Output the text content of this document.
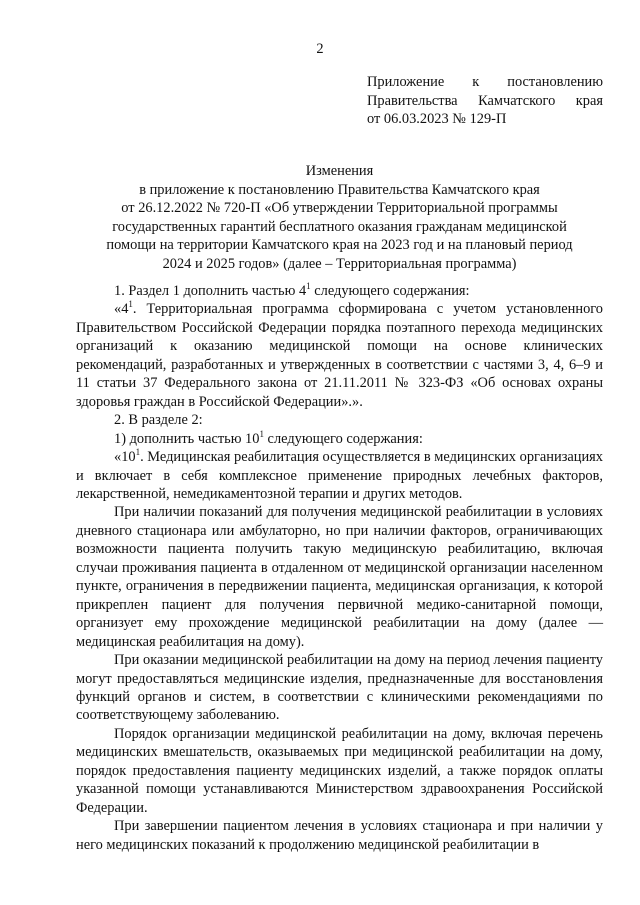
2
Приложение к постановлению
Правительства Камчатского края
от 06.03.2023 № 129-П
Изменения
в приложение к постановлению Правительства Камчатского края
от 26.12.2022 № 720-П «Об утверждении Территориальной программы
государственных гарантий бесплатного оказания гражданам медицинской
помощи на территории Камчатского края на 2023 год и на плановый период
2024 и 2025 годов» (далее – Территориальная программа)

1. Раздел 1 дополнить частью $4^1$ следующего содержания:

«$4^1$. Территориальная программа сформирована с учетом установленного Правительством Российской Федерации порядка поэтапного перехода медицинских организаций к оказанию медицинской помощи на основе клинических рекомендаций, разработанных и утвержденных в соответствии с частями 3, 4, 6–9 и 11 статьи 37 Федерального закона от 21.11.2011 № 323-ФЗ «Об основах охраны здоровья граждан в Российской Федерации».».

2. В разделе 2:

1) дополнить частью $10^1$ следующего содержания:

«$10^1$. Медицинская реабилитация осуществляется в медицинских организациях и включает в себя комплексное применение природных лечебных факторов, лекарственной, немедикаментозной терапии и других методов.

При наличии показаний для получения медицинской реабилитации в условиях дневного стационара или амбулаторно, но при наличии факторов, ограничивающих возможности пациента получить такую медицинскую реабилитацию, включая случаи проживания пациента в отдаленном от медицинской организации населенном пункте, ограничения в передвижении пациента, медицинская организация, к которой прикреплен пациент для получения первичной медико-санитарной помощи, организует ему прохождение медицинской реабилитации на дому (далее — медицинская реабилитация на дому).

При оказании медицинской реабилитации на дому на период лечения пациенту могут предоставляться медицинские изделия, предназначенные для восстановления функций органов и систем, в соответствии с клиническими рекомендациями по соответствующему заболеванию.

Порядок организации медицинской реабилитации на дому, включая перечень медицинских вмешательств, оказываемых при медицинской реабилитации на дому, порядок предоставления пациенту медицинских изделий, а также порядок оплаты указанной помощи устанавливаются Министерством здравоохранения Российской Федерации.

При завершении пациентом лечения в условиях стационара и при наличии у него медицинских показаний к продолжению медицинской реабилитации в
